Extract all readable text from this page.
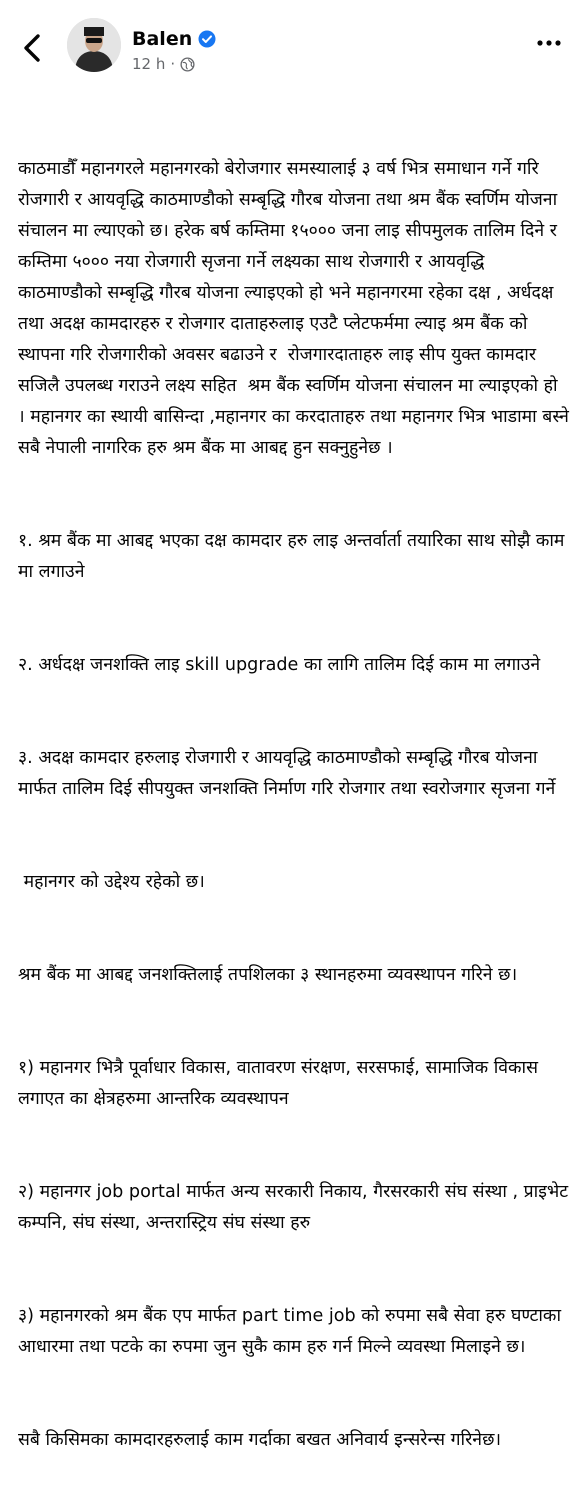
Balen
12 h ·

काठमाडौँ महानगरले महानगरको बेरोजगार समस्यालाई ३ वर्ष भित्र समाधान गर्ने गरि रोजगारी र आयवृद्धि काठमाण्डौको सम्बृद्धि गौरब योजना तथा श्रम बैंक स्वर्णिम योजना संचालन मा ल्याएको छ। हरेक बर्ष कम्तिमा १५००० जना लाइ सीपमुलक तालिम दिने र कम्तिमा ५००० नया रोजगारी सृजना गर्ने लक्ष्यका साथ रोजगारी र आयवृद्धि काठमाण्डौको सम्बृद्धि गौरब योजना ल्याइएको हो भने महानगरमा रहेका दक्ष , अर्धदक्ष तथा अदक्ष कामदारहरु र रोजगार दाताहरुलाइ एउटै प्लेटफर्ममा ल्याइ श्रम बैंक को स्थापना गरि रोजगारीको अवसर बढाउने र  रोजगारदाताहरु लाइ सीप युक्त कामदार सजिलै उपलब्ध गराउने लक्ष्य सहित  श्रम बैंक स्वर्णिम योजना संचालन मा ल्याइएको हो  । महानगर का स्थायी बासिन्दा ,महानगर का करदाताहरु तथा महानगर भित्र भाडामा बस्ने सबै नेपाली नागरिक हरु श्रम बैंक मा आबद्द हुन सक्नुहुनेछ ।

१. श्रम बैंक मा आबद्द भएका दक्ष कामदार हरु लाइ अन्तर्वार्ता तयारिका साथ सोझै काम मा लगाउने

२. अर्धदक्ष जनशक्ति लाइ skill upgrade का लागि तालिम दिई काम मा लगाउने

३. अदक्ष कामदार हरुलाइ रोजगारी र आयवृद्धि काठमाण्डौको सम्बृद्धि गौरब योजना मार्फत तालिम दिई सीपयुक्त जनशक्ति निर्माण गरि रोजगार तथा स्वरोजगार सृजना गर्ने

महानगर को उद्देश्य रहेको छ।

श्रम बैंक मा आबद्द जनशक्तिलाई तपशिलका ३ स्थानहरुमा व्यवस्थापन गरिने छ।

१) महानगर भित्रै पूर्वाधार विकास, वातावरण संरक्षण, सरसफाई, सामाजिक विकास लगाएत का क्षेत्रहरुमा आन्तरिक व्यवस्थापन

२) महानगर job portal मार्फत अन्य सरकारी निकाय, गैरसरकारी संघ संस्था , प्राइभेट कम्पनि, संघ संस्था, अन्तरास्ट्रिय संघ संस्था हरु

३) महानगरको श्रम बैंक एप मार्फत part time job को रुपमा सबै सेवा हरु घण्टाका आधारमा तथा पटके का रुपमा जुन सुकै काम हरु गर्न मिल्ने व्यवस्था मिलाइने छ।

सबै किसिमका कामदारहरुलाई काम गर्दाका बखत अनिवार्य इन्सरेन्स गरिनेछ।
